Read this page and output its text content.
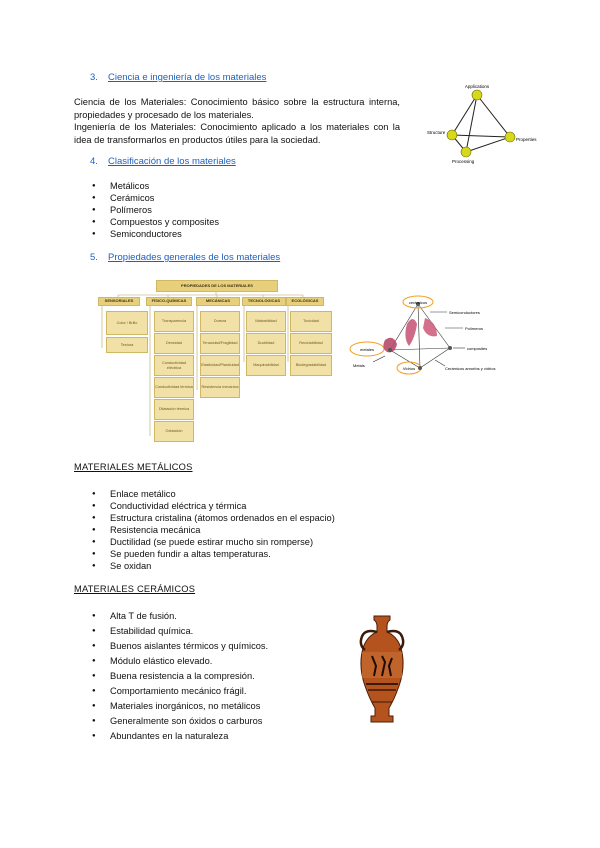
3. Ciencia e ingeniería de los materiales
Ciencia de los Materiales: Conocimiento básico sobre la estructura interna, propiedades y procesado de los materiales.
Ingeniería de los Materiales: Conocimiento aplicado a los materiales con la idea de transformarlos en productos útiles para la sociedad.
Applications
Structure
Properties
Processing
4. Clasificación de los materiales
● Metálicos
● Cerámicos
● Polímeros
● Compuestos y composites
● Semiconductores
5. Propiedades generales de los materiales
PROPIEDADES DE LOS MATERIALES
SENSORIALES	FÍSICO-QUÍMICAS	MECÁNICAS	TECNOLÓGICAS	ECOLÓGICAS
Color / Brillo
Textura
Transparencia
Densidad
Conductividad eléctrica
Conductividad térmica
Dilatación térmica
Oxidación
Dureza
Tenacidad/Fragilidad
Elasticidad/Plasticidad
Resistencia mecánica
Maleabilidad
Ductilidad
Maquinabilidad
Toxicidad
Reciclabilidad
Biodegradabilidad
cerámicos
Semiconductores
Polímeros
composites
metales
Metals
Vidrios	Cerámicos amorfos y vidrios
MATERIALES METÁLICOS
● Enlace metálico
● Conductividad eléctrica y térmica
● Estructura cristalina (átomos ordenados en el espacio)
● Resistencia mecánica
● Ductilidad (se puede estirar mucho sin romperse)
● Se pueden fundir a altas temperaturas.
● Se oxidan
MATERIALES CERÁMICOS
● Alta T de fusión.
● Estabilidad química.
● Buenos aislantes térmicos y químicos.
● Módulo elástico elevado.
● Buena resistencia a la compresión.
● Comportamiento mecánico frágil.
● Materiales inorgánicos, no metálicos
● Generalmente son óxidos o carburos
● Abundantes en la naturaleza
